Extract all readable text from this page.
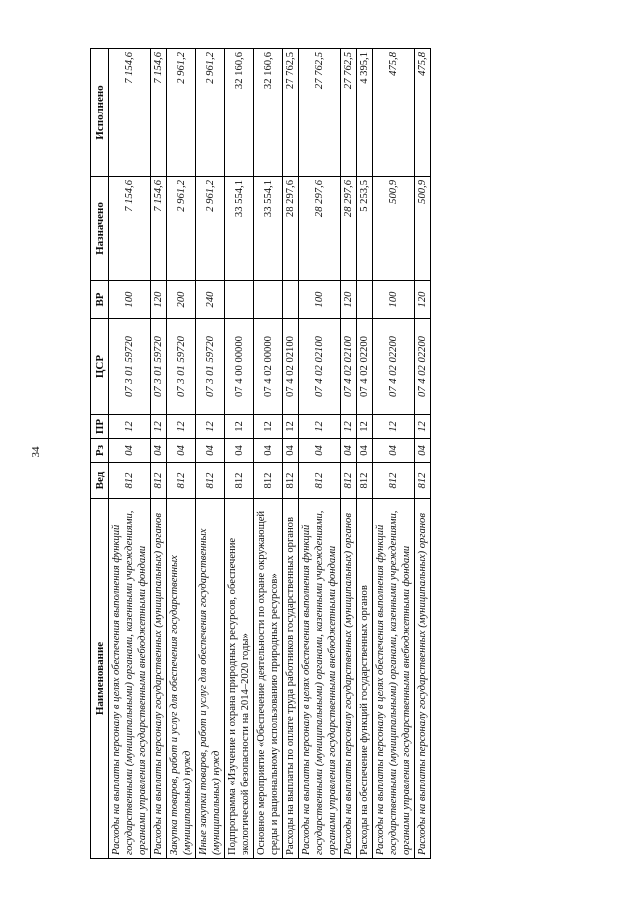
34
Наименование	Вед	Рз	ПР	ЦСР	ВР	Назначено	Исполнено
Расходы на выплаты персоналу в целях обеспечения выполнения функций государственными (муниципальными) органами, казенными учреждениями, органами управления государственными внебюджетными фондами	812	04	12	07 3 01 59720	100	7 154,6	7 154,6
Расходы на выплаты персоналу государственных (муниципальных) органов	812	04	12	07 3 01 59720	120	7 154,6	7 154,6
Закупка товаров, работ и услуг для обеспечения государственных (муниципальных) нужд	812	04	12	07 3 01 59720	200	2 961,2	2 961,2
Иные закупки товаров, работ и услуг для обеспечения государственных (муниципальных) нужд	812	04	12	07 3 01 59720	240	2 961,2	2 961,2
Подпрограмма «Изучение и охрана природных ресурсов, обеспечение экологической безопасности на 2014–2020 годы»	812	04	12	07 4 00 00000		33 554,1	32 160,6
Основное мероприятие «Обеспечение деятельности по охране окружающей среды и рациональному использованию природных ресурсов»	812	04	12	07 4 02 00000		33 554,1	32 160,6
Расходы на выплаты по оплате труда работников государственных органов	812	04	12	07 4 02 02100		28 297,6	27 762,5
Расходы на выплаты персоналу в целях обеспечения выполнения функций государственными (муниципальными) органами, казенными учреждениями, органами управления государственными внебюджетными фондами	812	04	12	07 4 02 02100	100	28 297,6	27 762,5
Расходы на выплаты персоналу государственных (муниципальных) органов	812	04	12	07 4 02 02100	120	28 297,6	27 762,5
Расходы на обеспечение функций государственных органов	812	04	12	07 4 02 02200		5 253,5	4 395,1
Расходы на выплаты персоналу в целях обеспечения выполнения функций государственными (муниципальными) органами, казенными учреждениями, органами управления государственными внебюджетными фондами	812	04	12	07 4 02 02200	100	500,9	475,8
Расходы на выплаты персоналу государственных (муниципальных) органов	812	04	12	07 4 02 02200	120	500,9	475,8
